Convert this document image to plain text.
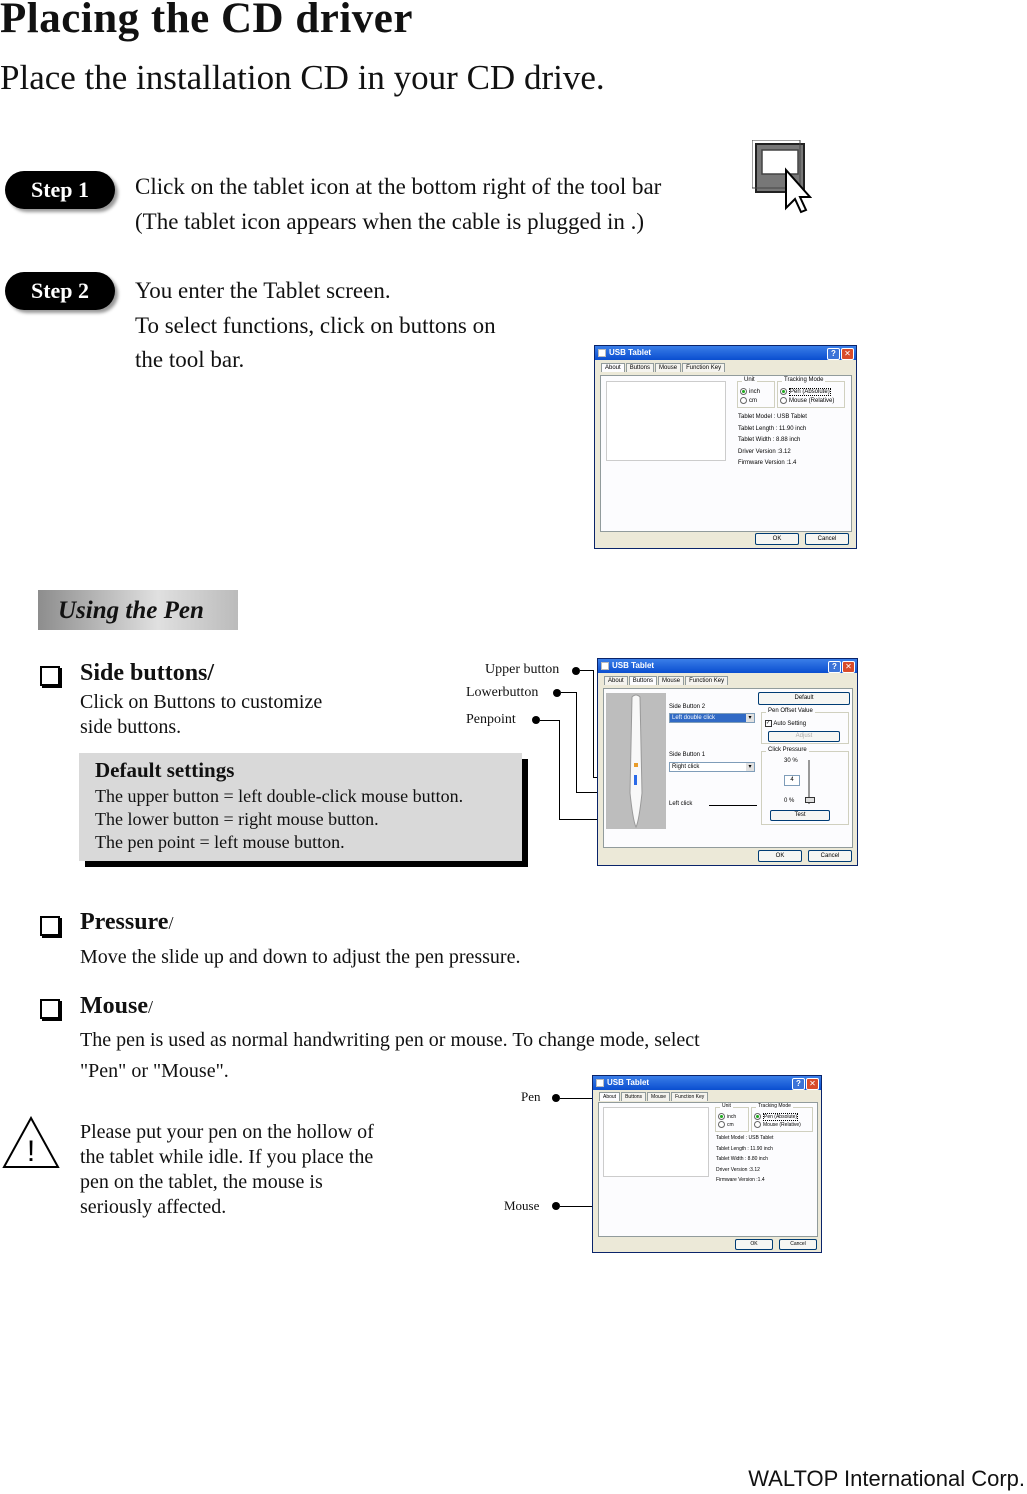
Placing the CD driver
Place the installation CD in your CD drive.
Step 1	Click on the tablet icon at the bottom right of the tool bar
(The tablet icon appears when the cable is plugged in .)
Step 2	You enter the Tablet screen.
To select functions, click on buttons on
the tool bar.	USB Tablet	?	✕
About	Buttons	Mouse	Function Key
Unit
inch
cm
Tracking Mode
Pen (Absolute)
Mouse (Relative)
Tablet Model : USB Tablet
Tablet Length : 11.90 inch
Tablet Width : 8.88 inch
Driver Version :3.12
Firmware Version :1.4
OK	Cancel
Using the Pen
Side buttons/
Click on Buttons to customize
side buttons.
Default settings
The upper button = left double-click mouse button.
The lower button = right mouse button.
The pen point = left mouse button.
Upper button
Lowerbutton
Penpoint
USB Tablet	?	✕
About	Buttons	Mouse	Function Key
Side Button 2
Left double click	▾
Side Button 1
Right click	▾
Left click
Default
Pen Offset Value
✓ Auto Setting
Adjust
Click Pressure
30 %
4
0 %
Test
OK	Cancel
Pressure/
Move the slide up and down to adjust the pen pressure.
Mouse/
The pen is used as normal handwriting pen or mouse. To change mode, select
"Pen" or "Mouse".
!
Please put your pen on the hollow of
the tablet while idle. If you place the
pen on the tablet, the mouse is
seriously affected.
Pen
Mouse
USB Tablet	?	✕
About	Buttons	Mouse	Function Key
Unit
inch
cm
Tracking Mode
Pen (Absolute)
Mouse (Relative)
Tablet Model : USB Tablet
Tablet Length : 11.90 inch
Tablet Width : 8.80 inch
Driver Version :3.12
Firmware Version :1.4
OK	Cancel
WALTOP International Corp.
